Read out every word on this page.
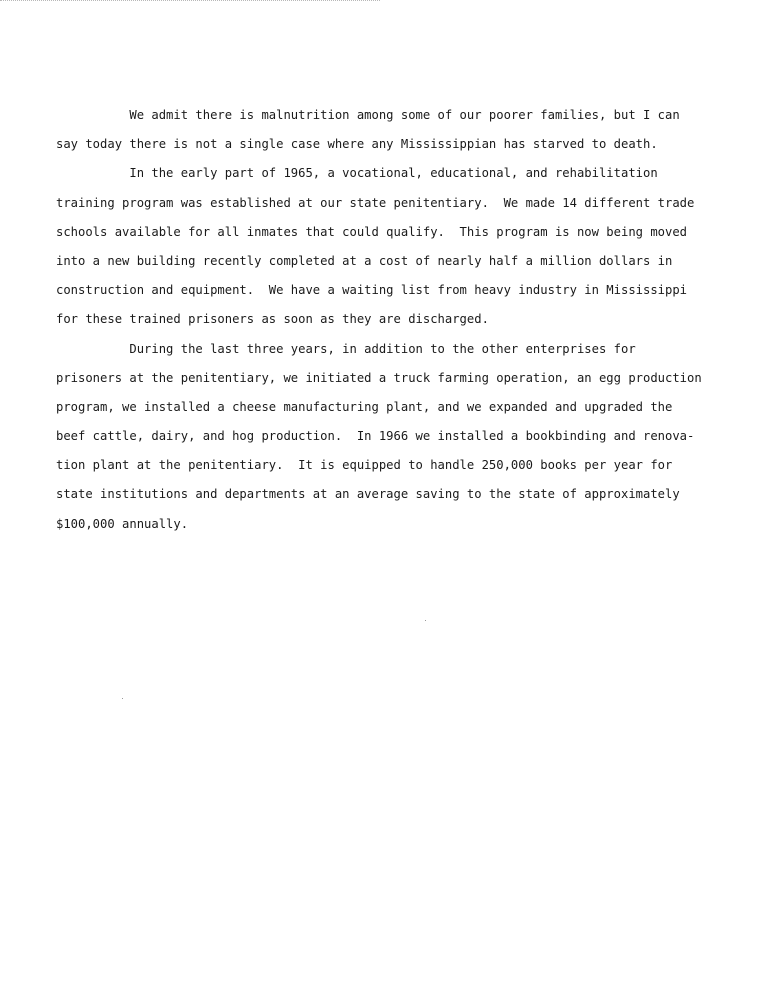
We admit there is malnutrition among some of our poorer families, but I can
say today there is not a single case where any Mississippian has starved to death.
In the early part of 1965, a vocational, educational, and rehabilitation
training program was established at our state penitentiary.  We made 14 different trade
schools available for all inmates that could qualify.  This program is now being moved
into a new building recently completed at a cost of nearly half a million dollars in
construction and equipment.  We have a waiting list from heavy industry in Mississippi
for these trained prisoners as soon as they are discharged.
During the last three years, in addition to the other enterprises for
prisoners at the penitentiary, we initiated a truck farming operation, an egg production
program, we installed a cheese manufacturing plant, and we expanded and upgraded the
beef cattle, dairy, and hog production.  In 1966 we installed a bookbinding and renova-
tion plant at the penitentiary.  It is equipped to handle 250,000 books per year for
state institutions and departments at an average saving to the state of approximately
$100,000 annually.
